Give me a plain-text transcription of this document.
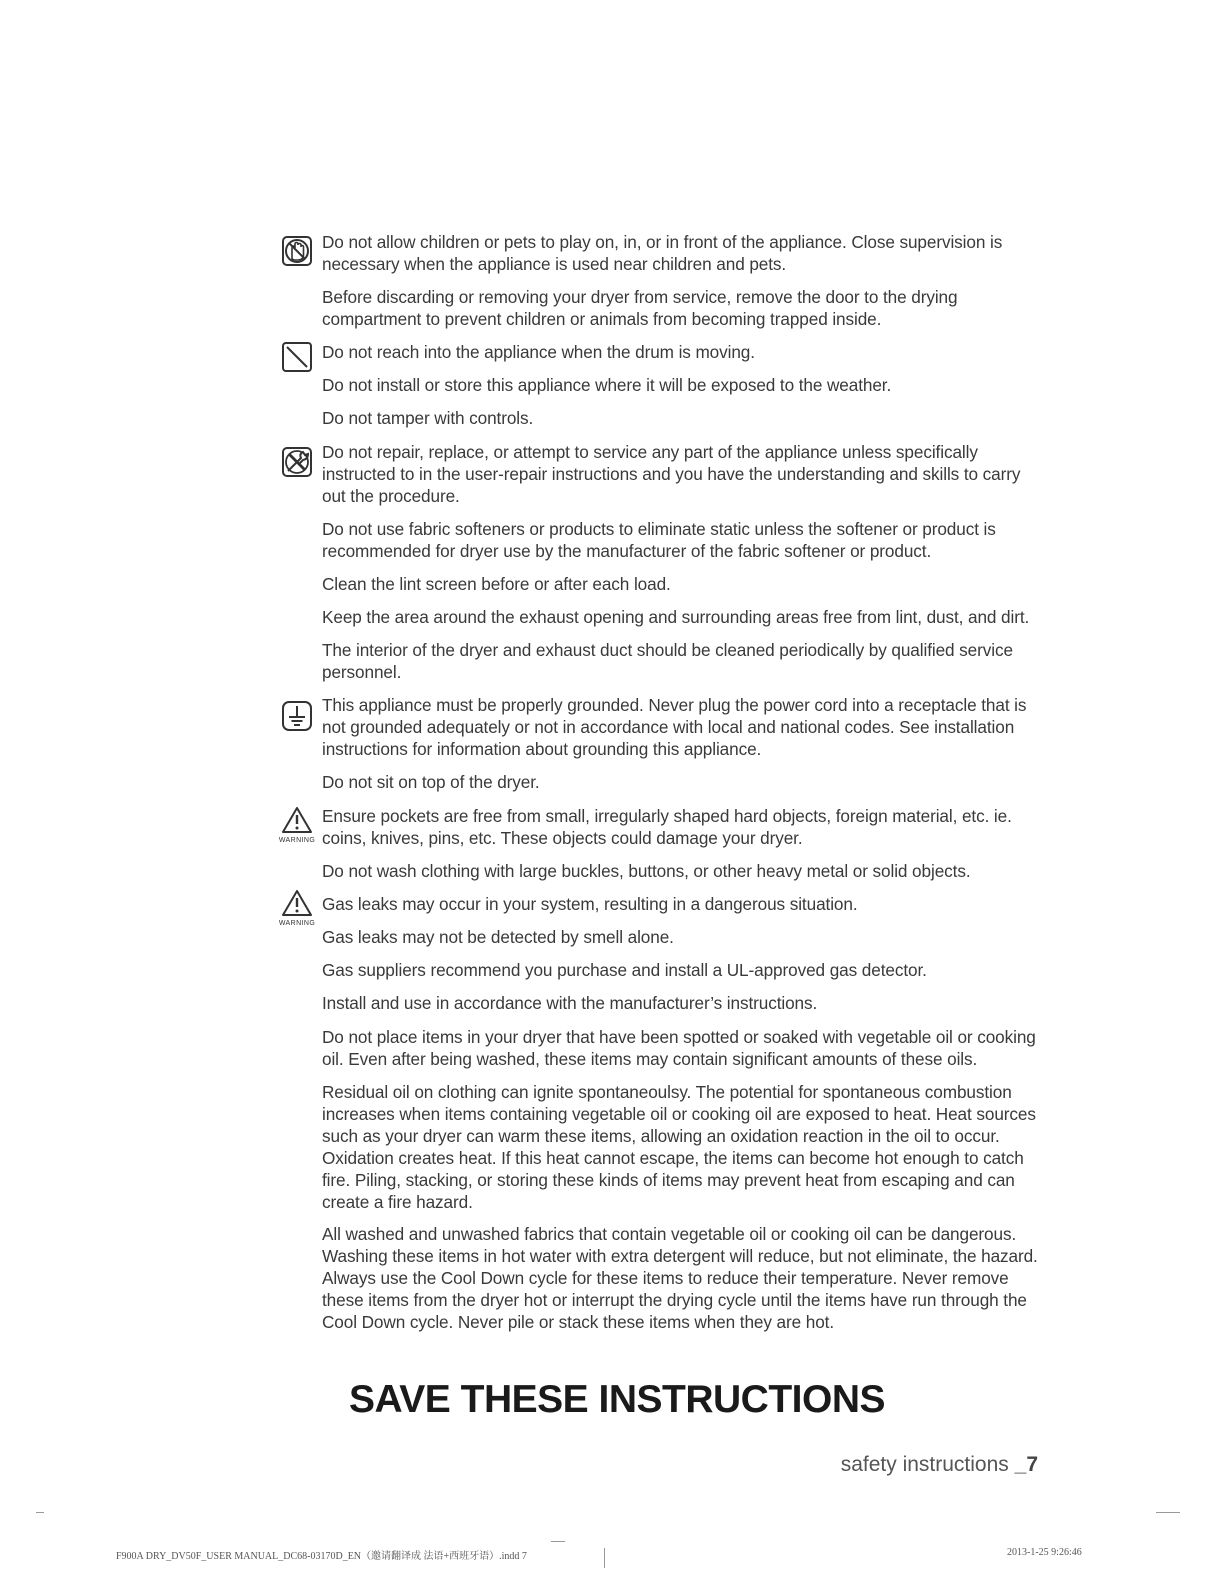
WARNING
WARNING

Do not allow children or pets to play on, in, or in front of the appliance. Close supervision is necessary when the appliance is used near children and pets.

Before discarding or removing your dryer from service, remove the door to the drying compartment to prevent children or animals from becoming trapped inside.

Do not reach into the appliance when the drum is moving.

Do not install or store this appliance where it will be exposed to the weather.

Do not tamper with controls.

Do not repair, replace, or attempt to service any part of the appliance unless specifically instructed to in the user-repair instructions and you have the understanding and skills to carry out the procedure.

Do not use fabric softeners or products to eliminate static unless the softener or product is recommended for dryer use by the manufacturer of the fabric softener or product.

Clean the lint screen before or after each load.

Keep the area around the exhaust opening and surrounding areas free from lint, dust, and dirt.

The interior of the dryer and exhaust duct should be cleaned periodically by qualified service personnel.

This appliance must be properly grounded. Never plug the power cord into a receptacle that is not grounded adequately or not in accordance with local and national codes. See installation instructions for information about grounding this appliance.

Do not sit on top of the dryer.

Ensure pockets are free from small, irregularly shaped hard objects, foreign material, etc. ie. coins, knives, pins, etc. These objects could damage your dryer.

Do not wash clothing with large buckles, buttons, or other heavy metal or solid objects.

Gas leaks may occur in your system, resulting in a dangerous situation.

Gas leaks may not be detected by smell alone.

Gas suppliers recommend you purchase and install a UL-approved gas detector.

Install and use in accordance with the manufacturer’s instructions.

Do not place items in your dryer that have been spotted or soaked with vegetable oil or cooking oil. Even after being washed, these items may contain significant amounts of these oils.

Residual oil on clothing can ignite spontaneoulsy. The potential for spontaneous combustion increases when items containing vegetable oil or cooking oil are exposed to heat. Heat sources such as your dryer can warm these items, allowing an oxidation reaction in the oil to occur. Oxidation creates heat. If this heat cannot escape, the items can become hot enough to catch fire. Piling, stacking, or storing these kinds of items may prevent heat from escaping and can create a fire hazard.

All washed and unwashed fabrics that contain vegetable oil or cooking oil can be dangerous. Washing these items in hot water with extra detergent will reduce, but not eliminate, the hazard. Always use the Cool Down cycle for these items to reduce their temperature. Never remove these items from the dryer hot or interrupt the drying cycle until the items have run through the Cool Down cycle. Never pile or stack these items when they are hot.

SAVE THESE INSTRUCTIONS
safety instructions _7
F900A DRY_DV50F_USER MANUAL_DC68-03170D_EN（邀请翻译成 法语+西班牙语）.indd 7	2013-1-25 9:26:46
